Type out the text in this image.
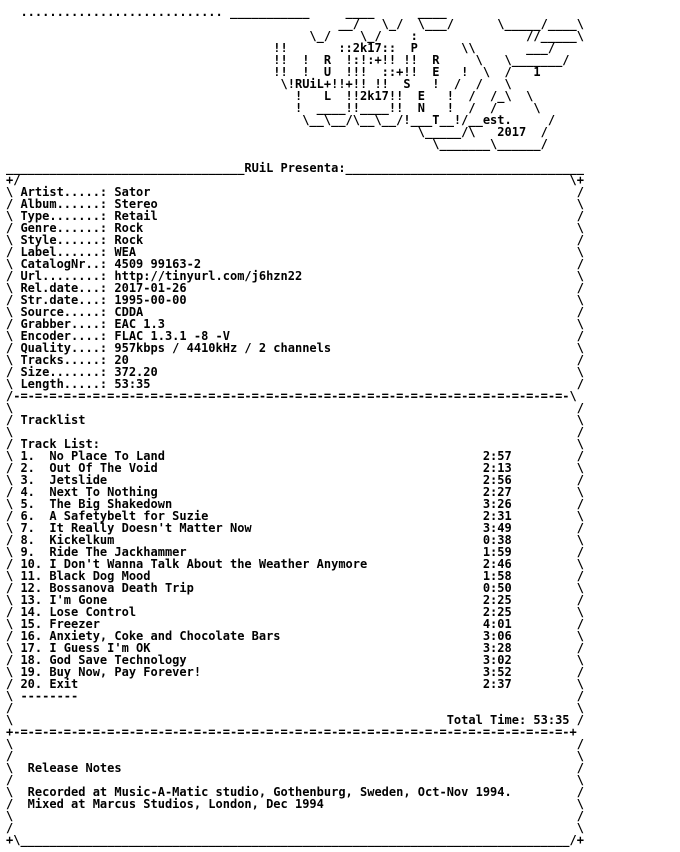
............................ ___________     ____      ____
__/   \_/  \___/      \_____/____\
\_/    \_/    :               //_____\
!!       ::2k17::  P      \\       ___/
!!  !  R  !:!:+!! !!  R     \   \_______/
!!  !  U  !!!  ::+!!  E   !  \  /   1
\!RUiL+!!+!! !!  S   !  /  /   \
!   L  !!2k17!!  E   !  /  /_\  \
!  ____!!____!!  N   !  /  /     \
\__\__/\__\__/!___T__!/__est.     /
\_____/\   2017  /
\_______\______/
_________________________________RUiL Presenta:_________________________________
+/                                                                            \+
\ Artist.....: Sator                                                           /
/ Album......: Stereo                                                          \
\ Type.......: Retail                                                          /
/ Genre......: Rock                                                            \
\ Style......: Rock                                                            /
/ Label......: WEA                                                             \
\ CatalogNr..: 4509 99163-2                                                    /
/ Url........: http://tinyurl.com/j6hzn22                                      \
\ Rel.date...: 2017-01-26                                                      /
/ Str.date...: 1995-00-00                                                      \
\ Source.....: CDDA                                                            /
/ Grabber....: EAC 1.3                                                         \
\ Encoder....: FLAC 1.3.1 -8 -V                                                /
/ Quality....: 957kbps / 4410kHz / 2 channels                                  \
\ Tracks.....: 20                                                              /
/ Size.......: 372.20                                                          \
\ Length.....: 53:35                                                           /
/-=-=-=-=-=-=-=-=-=-=-=-=-=-=-=-=-=-=-=-=-=-=-=-=-=-=-=-=-=-=-=-=-=-=-=-=-=-=-\
\                                                                              /
/ Tracklist                                                                    \
\                                                                              /
/ Track List:                                                                  \
\ 1.  No Place To Land                                            2:57         /
/ 2.  Out Of The Void                                             2:13         \
\ 3.  Jetslide                                                    2:56         /
/ 4.  Next To Nothing                                             2:27         \
\ 5.  The Big Shakedown                                           3:26         /
/ 6.  A Safetybelt for Suzie                                      2:31         \
\ 7.  It Really Doesn't Matter Now                                3:49         /
/ 8.  Kickelkum                                                   0:38         \
\ 9.  Ride The Jackhammer                                         1:59         /
/ 10. I Don't Wanna Talk About the Weather Anymore                2:46         \
\ 11. Black Dog Mood                                              1:58         /
/ 12. Bossanova Death Trip                                        0:50         \
\ 13. I'm Gone                                                    2:25         /
/ 14. Lose Control                                                2:25         \
\ 15. Freezer                                                     4:01         /
/ 16. Anxiety, Coke and Chocolate Bars                            3:06         \
\ 17. I Guess I'm OK                                              3:28         /
/ 18. God Save Technology                                         3:02         \
\ 19. Buy Now, Pay Forever!                                       3:52         /
/ 20. Exit                                                        2:37         \
\ --------                                                                     /
/                                                                              \
\                                                            Total Time: 53:35 /
+-=-=-=-=-=-=-=-=-=-=-=-=-=-=-=-=-=-=-=-=-=-=-=-=-=-=-=-=-=-=-=-=-=-=-=-=-=-=-+
\                                                                              /
/                                                                              \
\  Release Notes                                                               /
/                                                                              \
\  Recorded at Music-A-Matic studio, Gothenburg, Sweden, Oct-Nov 1994.         /
/  Mixed at Marcus Studios, London, Dec 1994                                   \
\                                                                              /
/                                                                              \
+\____________________________________________________________________________/+
